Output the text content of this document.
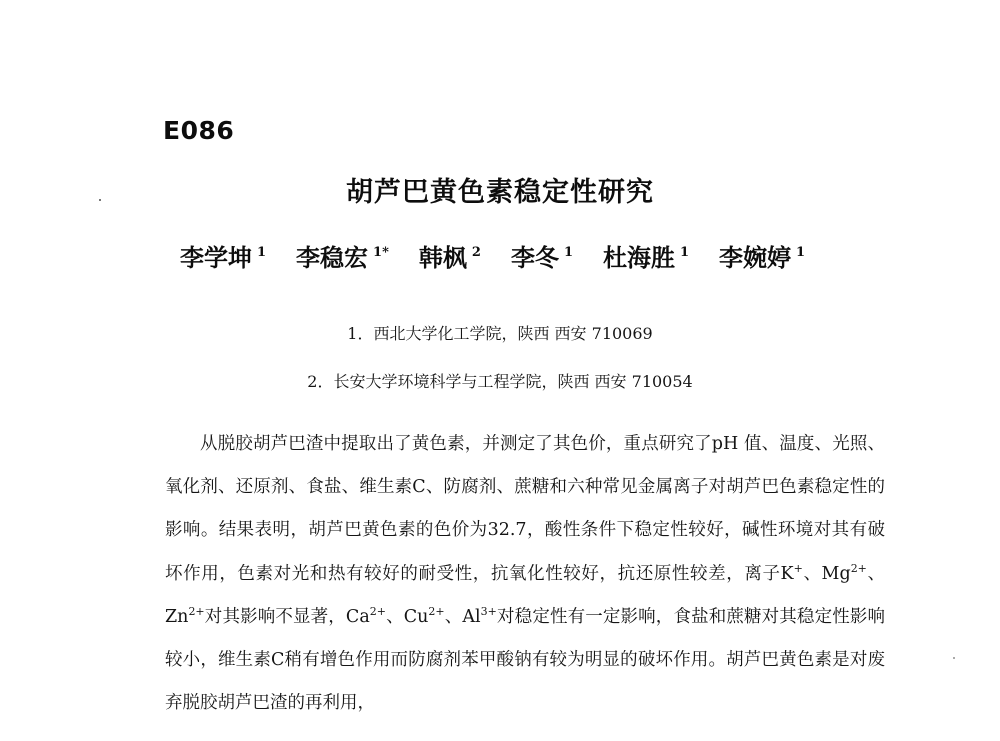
E086
胡芦巴黄色素稳定性研究
李学坤 $^1$ 李稳宏 $^{1*}$ 韩枫 $^2$ 李冬 $^1$ 杜海胜 $^1$ 李婉婷 $^1$
1．西北大学化工学院，陕西 西安 710069
2．长安大学环境科学与工程学院，陕西 西安 710054

从脱胶胡芦巴渣中提取出了黄色素，并测定了其色价，重点研究了pH 值、温度、光照、氧化剂、还原剂、食盐、维生素C、防腐剂、蔗糖和六种常见金属离子对胡芦巴色素稳定性的影响。结果表明，胡芦巴黄色素的色价为32.7，酸性条件下稳定性较好，碱性环境对其有破坏作用，色素对光和热有较好的耐受性，抗氧化性较好，抗还原性较差，离子K+、$Mg^{2+}$、$Zn^{2+}$对其影响不显著，$Ca^{2+}$、$Cu^{2+}$、$Al^{3+}$对稳定性有一定影响，食盐和蔗糖对其稳定性影响较小，维生素C稍有增色作用而防腐剂苯甲酸钠有较为明显的破坏作用。胡芦巴黄色素是对废弃脱胶胡芦巴渣的再利用，
